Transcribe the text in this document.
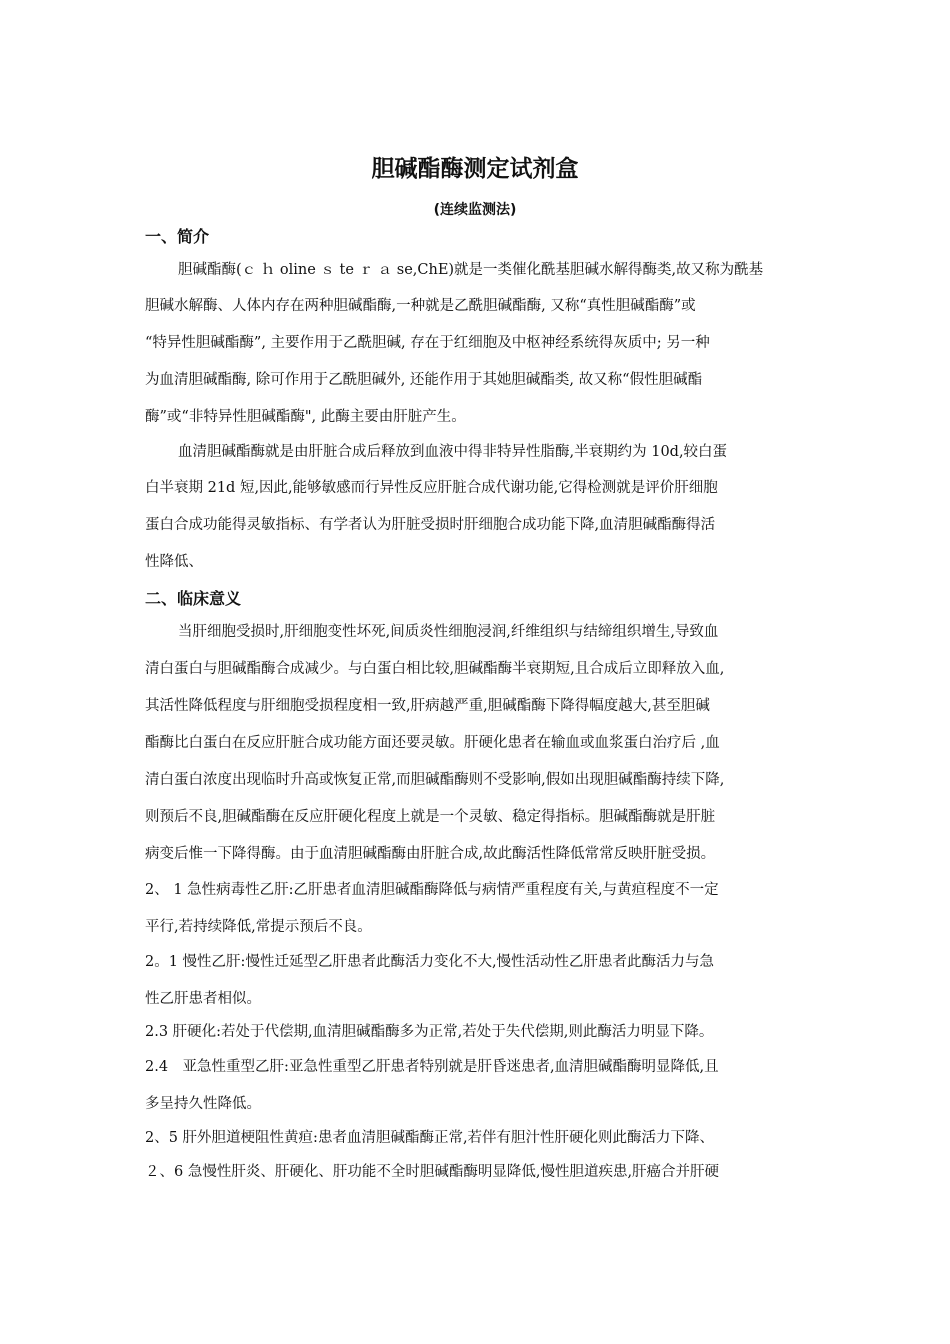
胆碱酯酶测定试剂盒
(连续监测法)
一、简介

胆碱酯酶(ｃ ｈ oline ｓ te ｒ ａ se,ChE)就是一类催化酰基胆碱水解得酶类,故又称为酰基

胆碱水解酶、人体内存在两种胆碱酯酶,一种就是乙酰胆碱酯酶, 又称“真性胆碱酯酶”或

“特异性胆碱酯酶”, 主要作用于乙酰胆碱, 存在于红细胞及中枢神经系统得灰质中; 另一种

为血清胆碱酯酶, 除可作用于乙酰胆碱外, 还能作用于其她胆碱酯类, 故又称“假性胆碱酯

酶”或“非特异性胆碱酯酶", 此酶主要由肝脏产生。

血清胆碱酯酶就是由肝脏合成后释放到血液中得非特异性脂酶,半衰期约为 10d,较白蛋

白半衰期 21d 短,因此,能够敏感而行异性反应肝脏合成代谢功能,它得检测就是评价肝细胞

蛋白合成功能得灵敏指标、有学者认为肝脏受损时肝细胞合成功能下降,血清胆碱酯酶得活

性降低、

二、临床意义

当肝细胞受损时,肝细胞变性坏死,间质炎性细胞浸润,纤维组织与结缔组织增生,导致血

清白蛋白与胆碱酯酶合成减少。与白蛋白相比较,胆碱酯酶半衰期短,且合成后立即释放入血,

其活性降低程度与肝细胞受损程度相一致,肝病越严重,胆碱酯酶下降得幅度越大,甚至胆碱

酯酶比白蛋白在反应肝脏合成功能方面还要灵敏。肝硬化患者在输血或血浆蛋白治疗后 ,血

清白蛋白浓度出现临时升高或恢复正常,而胆碱酯酶则不受影响,假如出现胆碱酯酶持续下降,

则预后不良,胆碱酯酶在反应肝硬化程度上就是一个灵敏、稳定得指标。胆碱酯酶就是肝脏

病变后惟一下降得酶。由于血清胆碱酯酶由肝脏合成,故此酶活性降低常常反映肝脏受损。

2、 1 急性病毒性乙肝:乙肝患者血清胆碱酯酶降低与病情严重程度有关,与黄疸程度不一定

平行,若持续降低,常提示预后不良。

2。1 慢性乙肝:慢性迁延型乙肝患者此酶活力变化不大,慢性活动性乙肝患者此酶活力与急

性乙肝患者相似。

2.3 肝硬化:若处于代偿期,血清胆碱酯酶多为正常,若处于失代偿期,则此酶活力明显下降。

2.4　亚急性重型乙肝:亚急性重型乙肝患者特别就是肝昏迷患者,血清胆碱酯酶明显降低,且

多呈持久性降低。

2、5 肝外胆道梗阻性黄疸:患者血清胆碱酯酶正常,若伴有胆汁性肝硬化则此酶活力下降、

２、6 急慢性肝炎、肝硬化、肝功能不全时胆碱酯酶明显降低,慢性胆道疾患,肝癌合并肝硬
